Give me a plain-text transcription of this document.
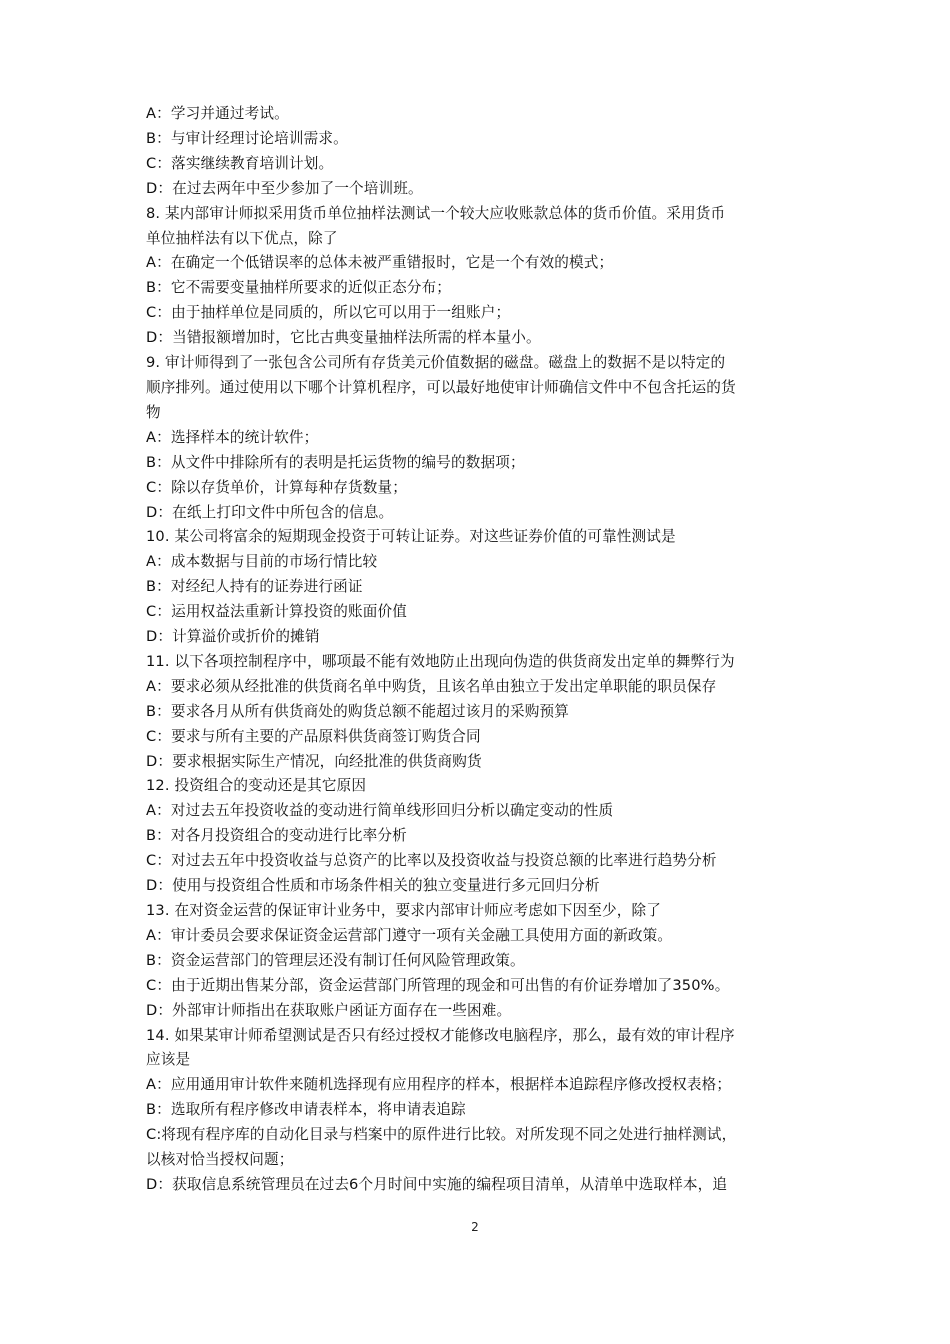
A：学习并通过考试。
B：与审计经理讨论培训需求。
C：落实继续教育培训计划。
D：在过去两年中至少参加了一个培训班。
8. 某内部审计师拟采用货币单位抽样法测试一个较大应收账款总体的货币价值。采用货币
单位抽样法有以下优点，除了
A：在确定一个低错误率的总体未被严重错报时，它是一个有效的模式；
B：它不需要变量抽样所要求的近似正态分布；
C：由于抽样单位是同质的，所以它可以用于一组账户；
D：当错报额增加时，它比古典变量抽样法所需的样本量小。
9. 审计师得到了一张包含公司所有存货美元价值数据的磁盘。磁盘上的数据不是以特定的
顺序排列。通过使用以下哪个计算机程序，可以最好地使审计师确信文件中不包含托运的货
物
A：选择样本的统计软件；
B：从文件中排除所有的表明是托运货物的编号的数据项；
C：除以存货单价，计算每种存货数量；
D：在纸上打印文件中所包含的信息。
10. 某公司将富余的短期现金投资于可转让证券。对这些证券价值的可靠性测试是
A：成本数据与目前的市场行情比较
B：对经纪人持有的证券进行函证
C：运用权益法重新计算投资的账面价值
D：计算溢价或折价的摊销
11. 以下各项控制程序中，哪项最不能有效地防止出现向伪造的供货商发出定单的舞弊行为
A：要求必须从经批准的供货商名单中购货，且该名单由独立于发出定单职能的职员保存
B：要求各月从所有供货商处的购货总额不能超过该月的采购预算
C：要求与所有主要的产品原料供货商签订购货合同
D：要求根据实际生产情况，向经批准的供货商购货
12. 投资组合的变动还是其它原因
A：对过去五年投资收益的变动进行简单线形回归分析以确定变动的性质
B：对各月投资组合的变动进行比率分析
C：对过去五年中投资收益与总资产的比率以及投资收益与投资总额的比率进行趋势分析
D：使用与投资组合性质和市场条件相关的独立变量进行多元回归分析
13. 在对资金运营的保证审计业务中，要求内部审计师应考虑如下因至少，除了
A：审计委员会要求保证资金运营部门遵守一项有关金融工具使用方面的新政策。
B：资金运营部门的管理层还没有制订任何风险管理政策。
C：由于近期出售某分部，资金运营部门所管理的现金和可出售的有价证券增加了350%。
D：外部审计师指出在获取账户函证方面存在一些困难。
14. 如果某审计师希望测试是否只有经过授权才能修改电脑程序，那么，最有效的审计程序
应该是
A：应用通用审计软件来随机选择现有应用程序的样本，根据样本追踪程序修改授权表格；
B：选取所有程序修改申请表样本，将申请表追踪
C:将现有程序库的自动化目录与档案中的原件进行比较。对所发现不同之处进行抽样测试，
以核对恰当授权问题；
D：获取信息系统管理员在过去6个月时间中实施的编程项目清单，从清单中选取样本，追
2
